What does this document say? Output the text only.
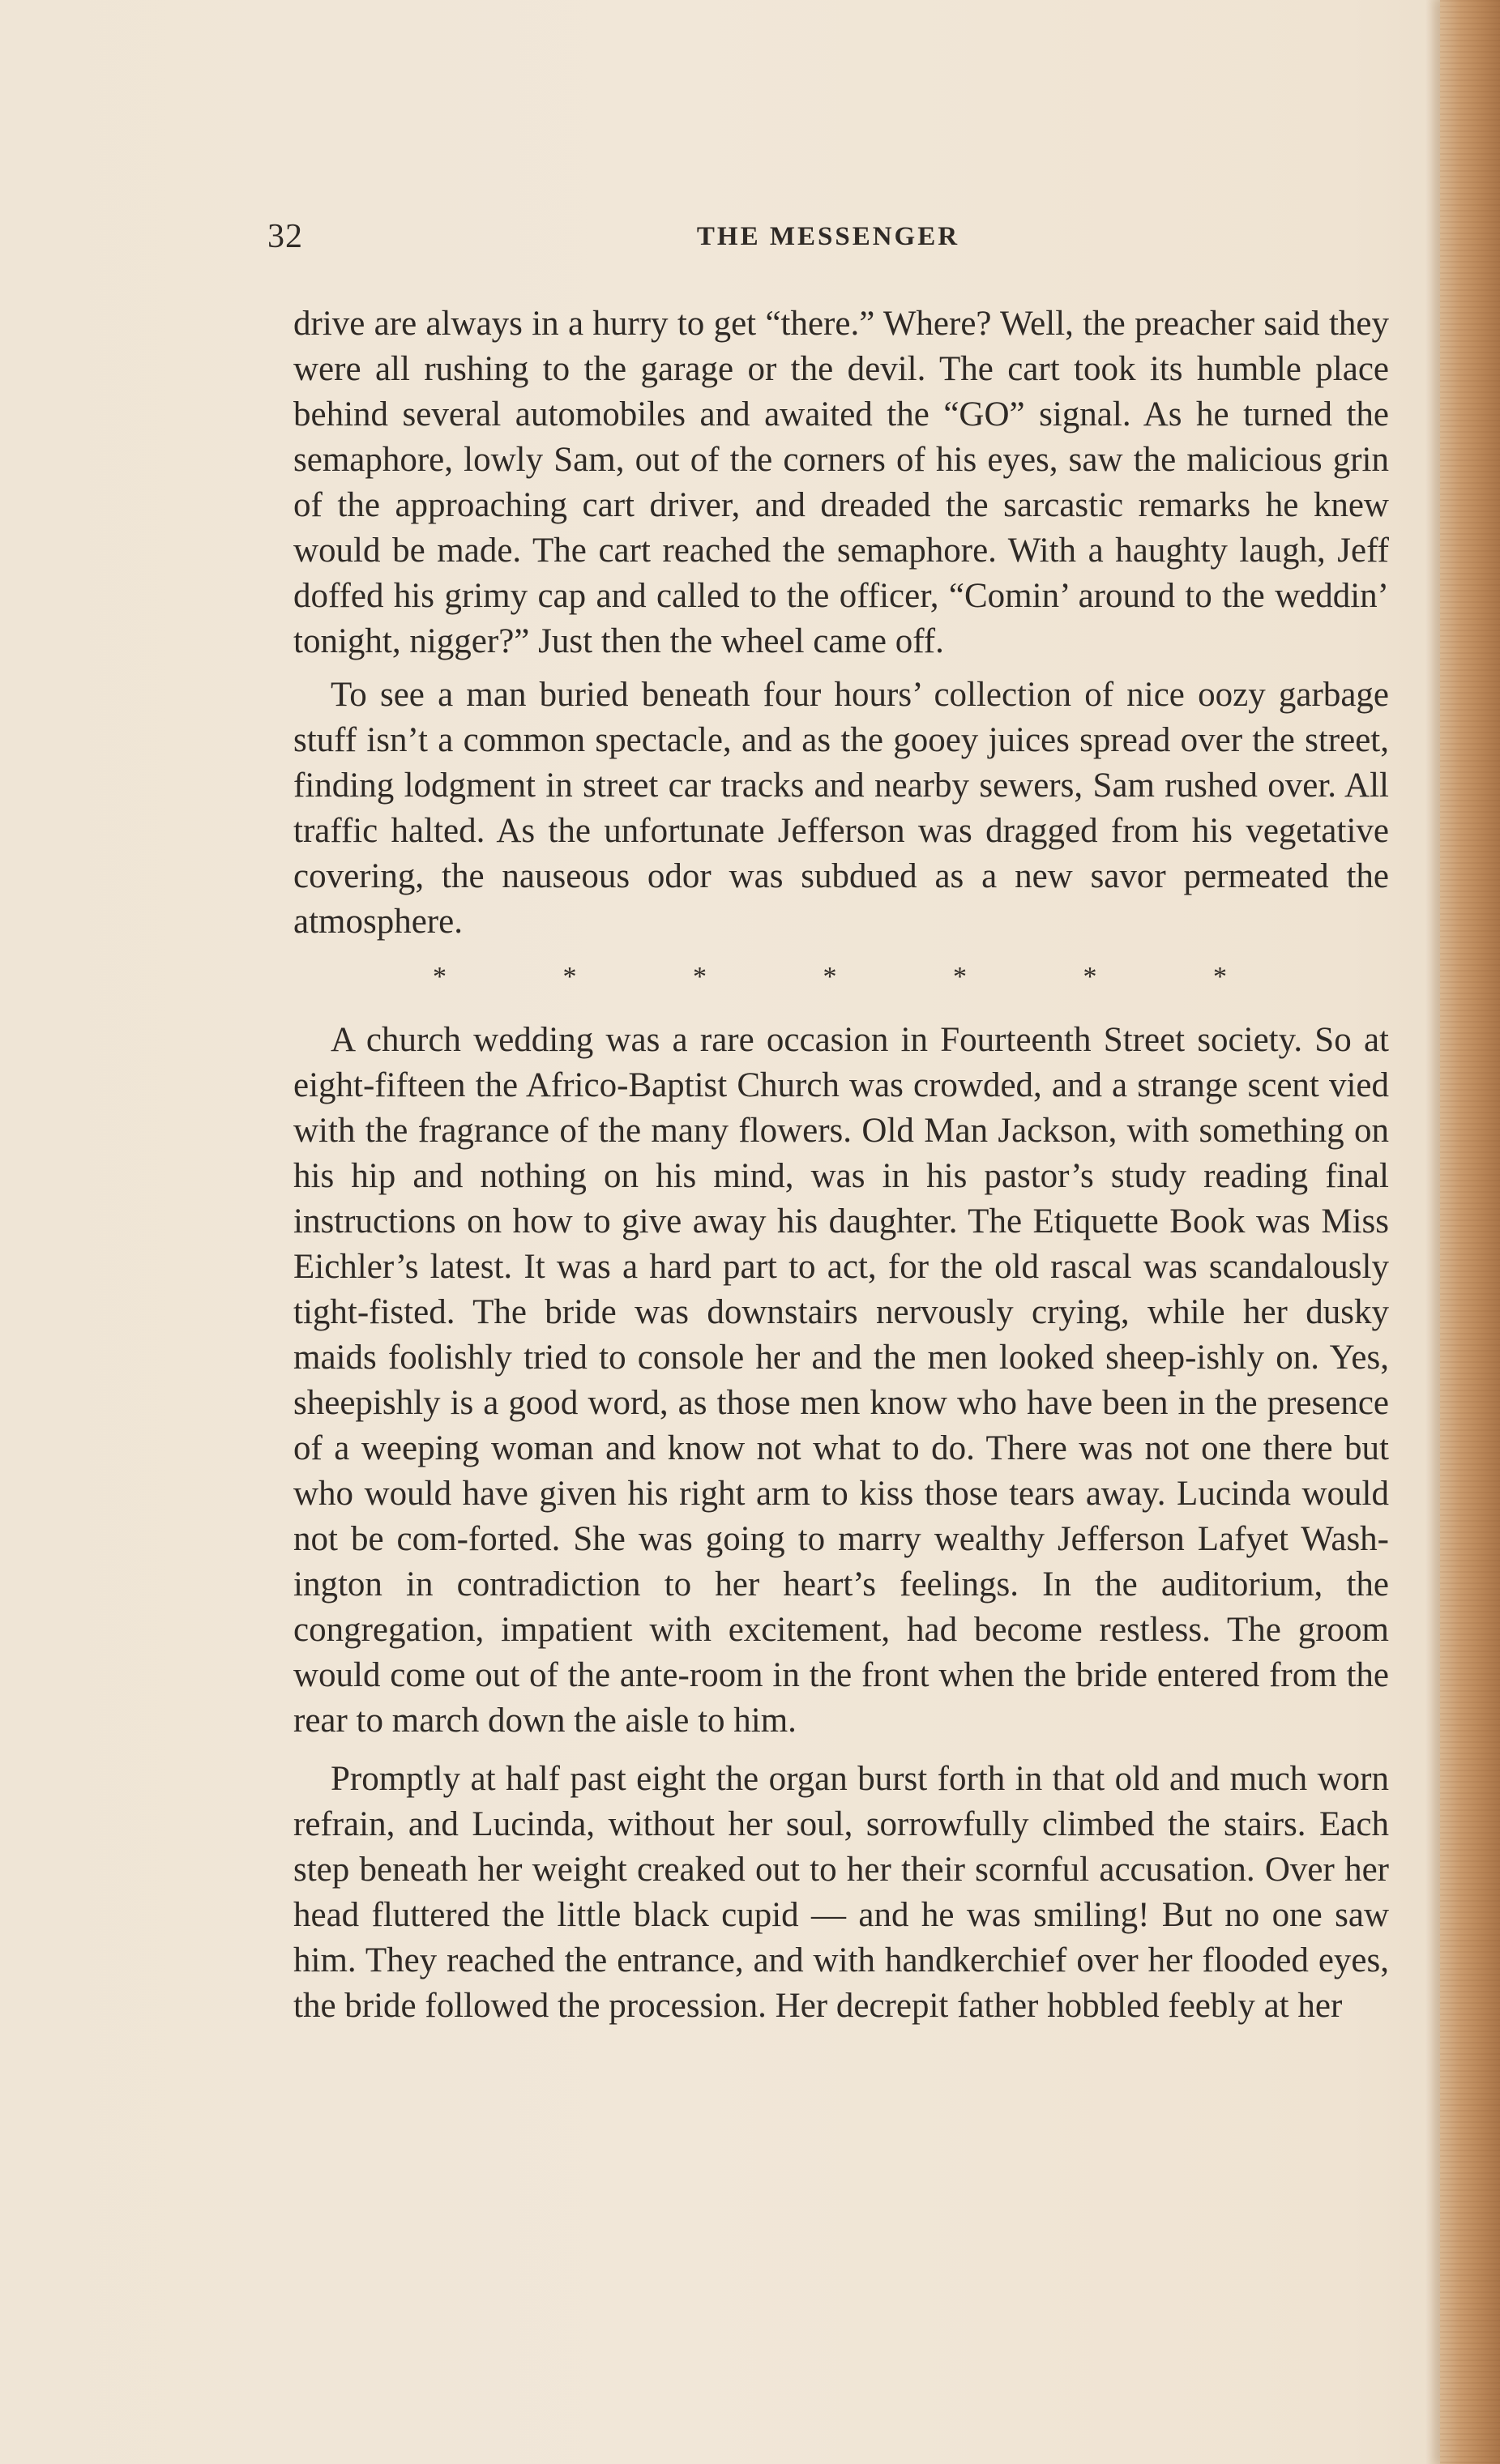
32	THE MESSENGER

drive are always in a hurry to get “there.” Where? Well, the preacher said they were all rushing to the garage or the devil. The cart took its humble place behind several automobiles and awaited the “GO” signal. As he turned the semaphore, lowly Sam, out of the corners of his eyes, saw the malicious grin of the approaching cart driver, and dreaded the sarcastic remarks he knew would be made. The cart reached the semaphore. With a haughty laugh, Jeff doffed his grimy cap and called to the officer, “Comin’ around to the weddin’ tonight, nigger?” Just then the wheel came off.

To see a man buried beneath four hours’ collection of nice oozy garbage stuff isn’t a common spectacle, and as the gooey juices spread over the street, finding lodgment in street car tracks and nearby sewers, Sam rushed over. All traffic halted. As the unfortunate Jefferson was dragged from his vegetative covering, the nauseous odor was subdued as a new savor permeated the atmosphere.

*	*	*	*	*	*	*

A church wedding was a rare occasion in Fourteenth Street society. So at eight-fifteen the Africo-Baptist Church was crowded, and a strange scent vied with the fragrance of the many flowers. Old Man Jackson, with something on his hip and nothing on his mind, was in his pastor’s study reading final instructions on how to give away his daughter. The Etiquette Book was Miss Eichler’s latest. It was a hard part to act, for the old rascal was scandalously tight-fisted. The bride was downstairs nervously crying, while her dusky maids foolishly tried to console her and the men looked sheep-ishly on. Yes, sheepishly is a good word, as those men know who have been in the presence of a weeping woman and know not what to do. There was not one there but who would have given his right arm to kiss those tears away. Lucinda would not be com-forted. She was going to marry wealthy Jefferson Lafyet Wash-ington in contradiction to her heart’s feelings. In the auditorium, the congregation, impatient with excitement, had become restless. The groom would come out of the ante-room in the front when the bride entered from the rear to march down the aisle to him.

Promptly at half past eight the organ burst forth in that old and much worn refrain, and Lucinda, without her soul, sorrowfully climbed the stairs. Each step beneath her weight creaked out to her their scornful accusation. Over her head fluttered the little black cupid — and he was smiling! But no one saw him. They reached the entrance, and with handkerchief over her flooded eyes, the bride followed the procession. Her decrepit father hobbled feebly at her
